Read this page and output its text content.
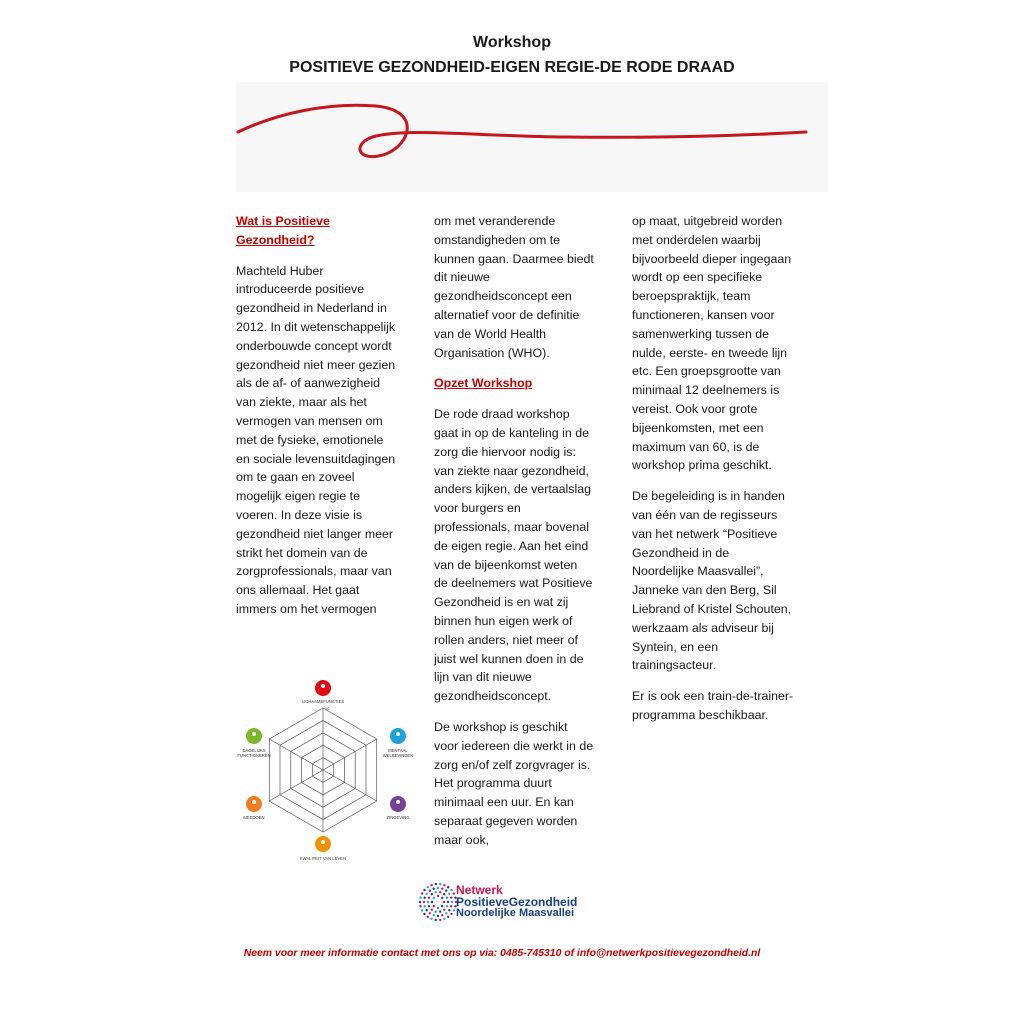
Workshop
POSITIEVE GEZONDHEID-EIGEN REGIE-DE RODE DRAAD

Wat is Positieve Gezondheid?

Machteld Huber introduceerde positieve gezondheid in Nederland in 2012. In dit wetenschappelijk onderbouwde concept wordt gezondheid niet meer gezien als de af- of aanwezigheid van ziekte, maar als het vermogen van mensen om met de fysieke, emotionele en sociale levensuitdagingen om te gaan en zoveel mogelijk eigen regie te voeren. In deze visie is gezondheid niet langer meer strikt het domein van de zorgprofessionals, maar van ons allemaal. Het gaat immers om het vermogen

om met veranderende omstandigheden om te kunnen gaan. Daarmee biedt dit nieuwe gezondheidsconcept een alternatief voor de definitie van de World Health Organisation (WHO).

Opzet Workshop

De rode draad workshop gaat in op de kanteling in de zorg die hiervoor nodig is: van ziekte naar gezondheid, anders kijken, de vertaalslag voor burgers en professionals, maar bovenal de eigen regie. Aan het eind van de bijeenkomst weten de deelnemers wat Positieve Gezondheid is en wat zij binnen hun eigen werk of rollen anders, niet meer of juist wel kunnen doen in de lijn van dit nieuwe gezondheidsconcept.

De workshop is geschikt voor iedereen die werkt in de zorg en/of zelf zorgvrager is. Het programma duurt minimaal een uur. En kan separaat gegeven worden maar ook,

op maat, uitgebreid worden met onderdelen waarbij bijvoorbeeld dieper ingegaan wordt op een specifieke beroepspraktijk, team functioneren, kansen voor samenwerking tussen de nulde, eerste- en tweede lijn etc. Een groepsgrootte van minimaal 12 deelnemers is vereist. Ook voor grote bijeenkomsten, met een maximum van 60, is de workshop prima geschikt.

De begeleiding is in handen van één van de regisseurs van het netwerk “Positieve Gezondheid in de Noordelijke Maasvallei”, Janneke van den Berg, Sil Liebrand of Kristel Schouten, werkzaam als adviseur bij Syntein, en een trainingsacteur.

Er is ook een train-de-trainer-programma beschikbaar.

10
LICHAAMSFUNCTIES
MENTAAL
WELBEVINDEN
ZINGEVING
KWALITEIT VAN LEVEN
MEEDOEN
DAGELIJKS
FUNCTIONEREN
Netwerk
PositieveGezondheid
Noordelijke Maasvallei
Neem voor meer informatie contact met ons op via: 0485-745310 of info@netwerkpositievegezondheid.nl
